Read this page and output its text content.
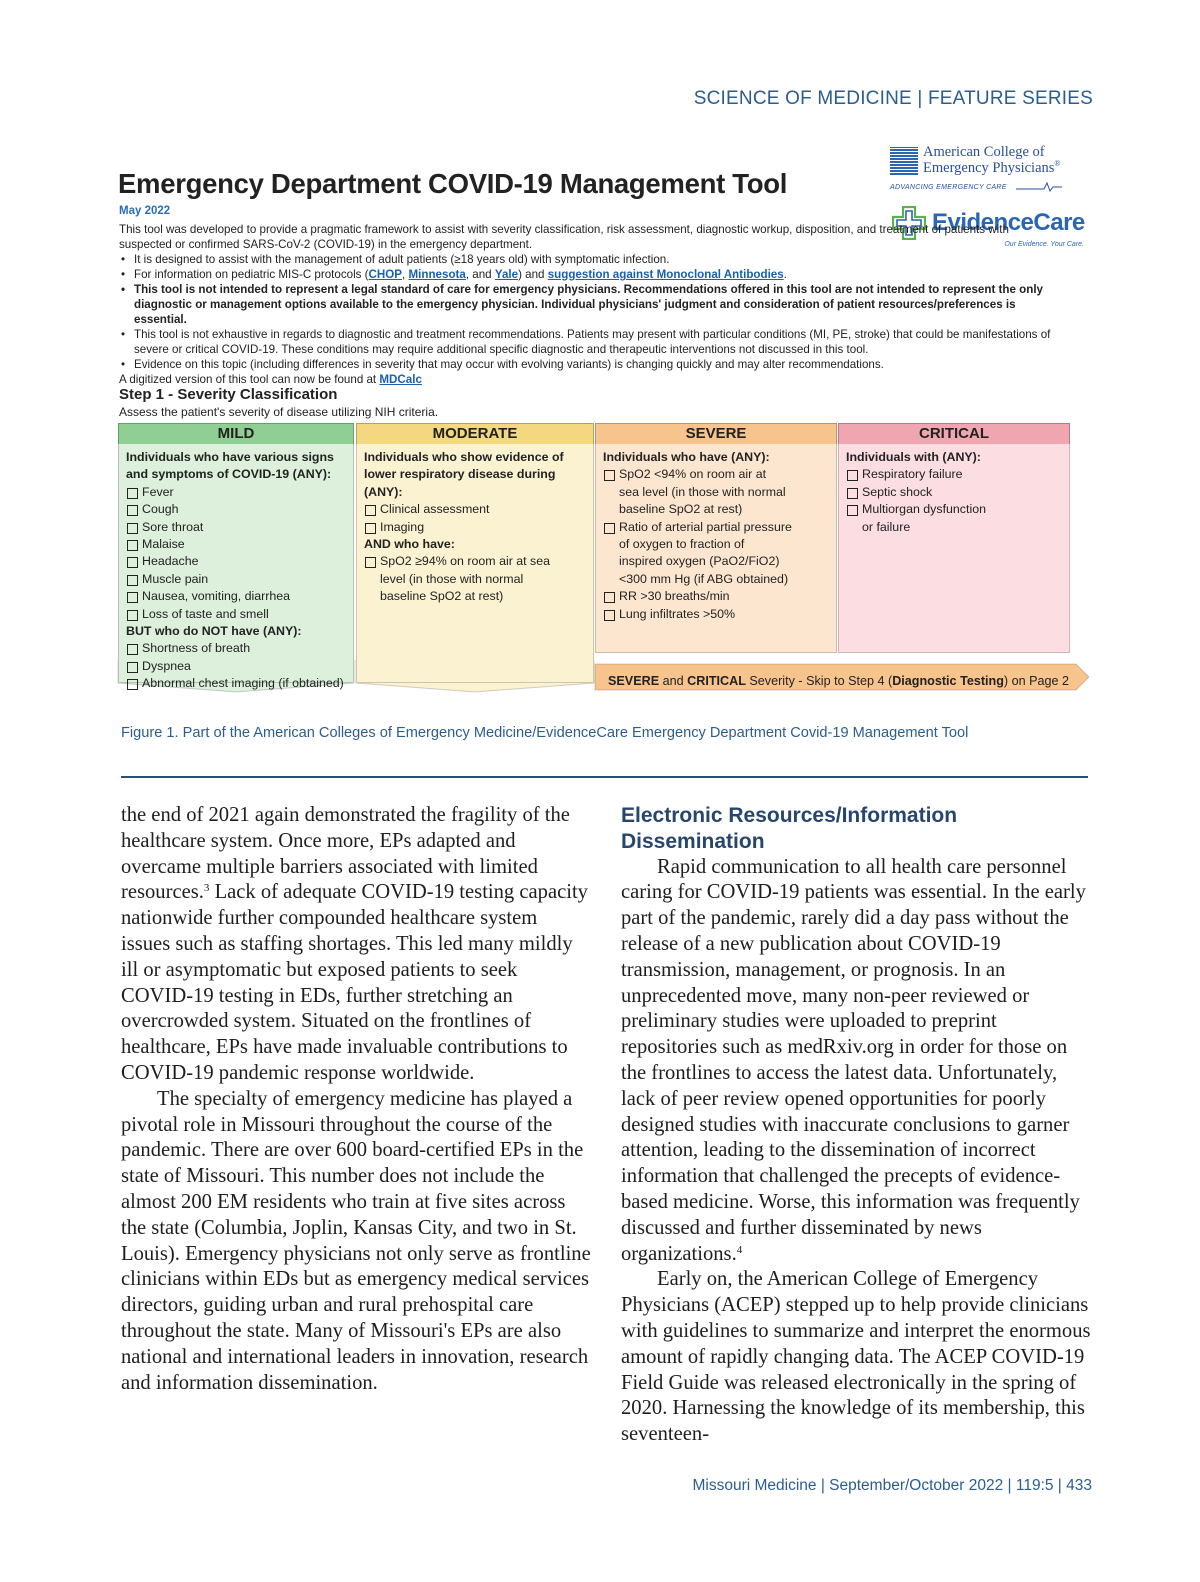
SCIENCE OF MEDICINE | FEATURE SERIES
Emergency Department COVID-19 Management Tool
May 2022
American College of
Emergency Physicians®
ADVANCING EMERGENCY CARE
EvidenceCare
Our Evidence. Your Care.

This tool was developed to provide a pragmatic framework to assist with severity classification, risk assessment, diagnostic workup, disposition, and treatment of patients with suspected or confirmed SARS-CoV-2 (COVID-19) in the emergency department.

• It is designed to assist with the management of adult patients (≥18 years old) with symptomatic infection.
• For information on pediatric MIS-C protocols (CHOP, Minnesota, and Yale) and suggestion against Monoclonal Antibodies.
• This tool is not intended to represent a legal standard of care for emergency physicians. Recommendations offered in this tool are not intended to represent the only diagnostic or management options available to the emergency physician. Individual physicians' judgment and consideration of patient resources/preferences is essential.
• This tool is not exhaustive in regards to diagnostic and treatment recommendations. Patients may present with particular conditions (MI, PE, stroke) that could be manifestations of severe or critical COVID-19. These conditions may require additional specific diagnostic and therapeutic interventions not discussed in this tool.
• Evidence on this topic (including differences in severity that may occur with evolving variants) is changing quickly and may alter recommendations.

A digitized version of this tool can now be found at MDCalc

Step 1 - Severity Classification
Assess the patient's severity of disease utilizing NIH criteria.
MILD
Individuals who have various signs and symptoms of COVID-19 (ANY):
Fever
Cough
Sore throat
Malaise
Headache
Muscle pain
Nausea, vomiting, diarrhea
Loss of taste and smell
BUT who do NOT have (ANY):
Shortness of breath
Dyspnea
Abnormal chest imaging (if obtained)
MODERATE
Individuals who show evidence of lower respiratory disease during (ANY):
Clinical assessment
Imaging
AND who have:
SpO2 ≥94% on room air at sea
level (in those with normal
baseline SpO2 at rest)
SEVERE
Individuals who have (ANY):
SpO2 <94% on room air at
sea level (in those with normal
baseline SpO2 at rest)
Ratio of arterial partial pressure
of oxygen to fraction of
inspired oxygen (PaO2/FiO2)
<300 mm Hg (if ABG obtained)
RR >30 breaths/min
Lung infiltrates >50%
CRITICAL
Individuals with (ANY):
Respiratory failure
Septic shock
Multiorgan dysfunction
or failure
SEVERE and CRITICAL Severity - Skip to Step 4 (Diagnostic Testing) on Page 2
Figure 1. Part of the American Colleges of Emergency Medicine/EvidenceCare Emergency Department Covid-19 Management Tool

the end of 2021 again demonstrated the fragility of the healthcare system. Once more, EPs adapted and overcame multiple barriers associated with limited resources.$^3$ Lack of adequate COVID-19 testing capacity nationwide further compounded healthcare system issues such as staffing shortages. This led many mildly ill or asymptomatic but exposed patients to seek COVID-19 testing in EDs, further stretching an overcrowded system. Situated on the frontlines of healthcare, EPs have made invaluable contributions to COVID-19 pandemic response worldwide.

The specialty of emergency medicine has played a pivotal role in Missouri throughout the course of the pandemic. There are over 600 board-certified EPs in the state of Missouri. This number does not include the almost 200 EM residents who train at five sites across the state (Columbia, Joplin, Kansas City, and two in St. Louis). Emergency physicians not only serve as frontline clinicians within EDs but as emergency medical services directors, guiding urban and rural prehospital care throughout the state. Many of Missouri's EPs are also national and international leaders in innovation, research and information dissemination.

Electronic Resources/Information
Dissemination

Rapid communication to all health care personnel caring for COVID-19 patients was essential. In the early part of the pandemic, rarely did a day pass without the release of a new publication about COVID-19 transmission, management, or prognosis. In an unprecedented move, many non-peer reviewed or preliminary studies were uploaded to preprint repositories such as medRxiv.org in order for those on the frontlines to access the latest data. Unfortunately, lack of peer review opened opportunities for poorly designed studies with inaccurate conclusions to garner attention, leading to the dissemination of incorrect information that challenged the precepts of evidence-based medicine. Worse, this information was frequently discussed and further disseminated by news organizations.$^4$

Early on, the American College of Emergency Physicians (ACEP) stepped up to help provide clinicians with guidelines to summarize and interpret the enormous amount of rapidly changing data. The ACEP COVID-19 Field Guide was released electronically in the spring of 2020. Harnessing the knowledge of its membership, this seventeen-

Missouri Medicine | September/October 2022 | 119:5 | 433
